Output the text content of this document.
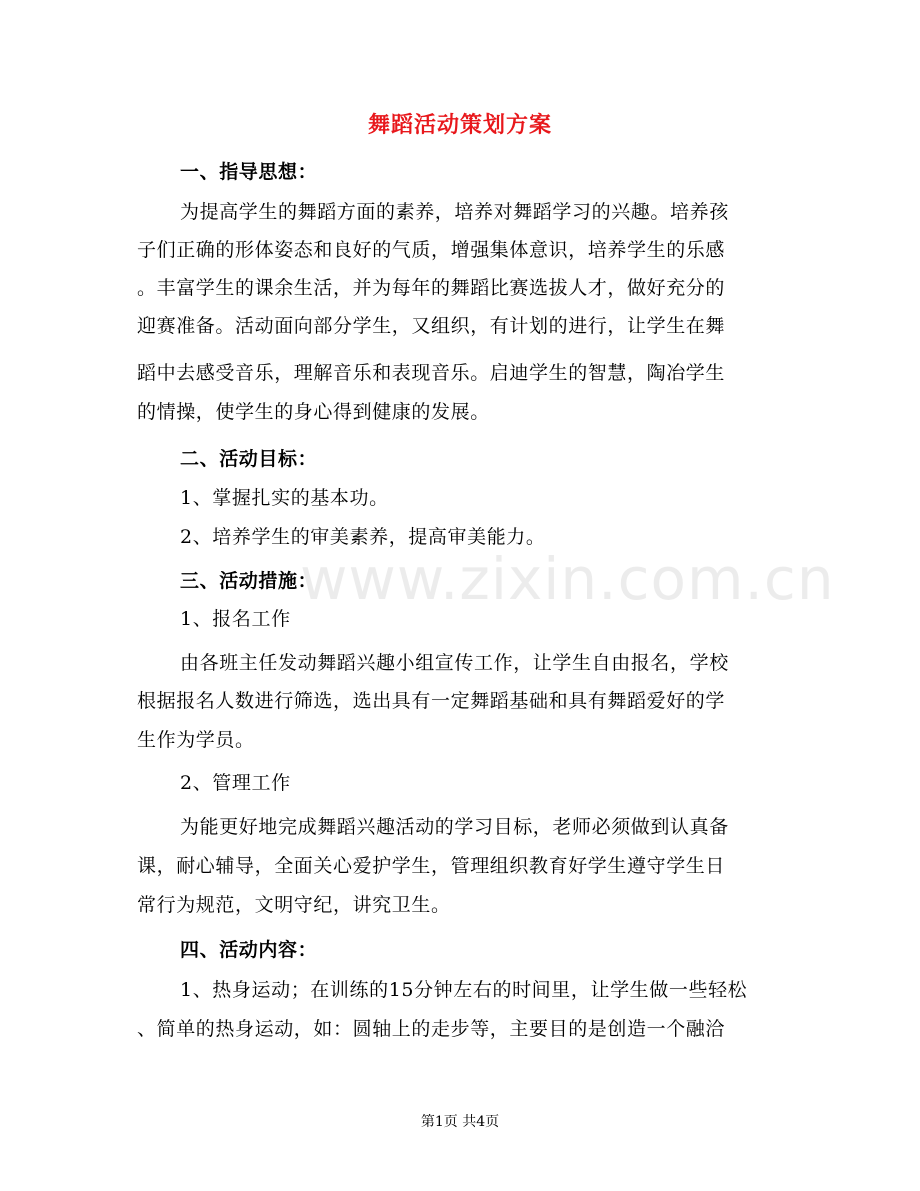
www.zixin.com.cn
舞蹈活动策划方案
一、指导思想：
为提高学生的舞蹈方面的素养，培养对舞蹈学习的兴趣。培养孩
子们正确的形体姿态和良好的气质，增强集体意识，培养学生的乐感
。丰富学生的课余生活，并为每年的舞蹈比赛选拔人才，做好充分的
迎赛准备。活动面向部分学生，又组织，有计划的进行，让学生在舞
蹈中去感受音乐，理解音乐和表现音乐。启迪学生的智慧，陶冶学生
的情操，使学生的身心得到健康的发展。
二、活动目标：
1、掌握扎实的基本功。
2、培养学生的审美素养，提高审美能力。
三、活动措施：
1、报名工作
由各班主任发动舞蹈兴趣小组宣传工作，让学生自由报名，学校
根据报名人数进行筛选，选出具有一定舞蹈基础和具有舞蹈爱好的学
生作为学员。
2、管理工作
为能更好地完成舞蹈兴趣活动的学习目标，老师必须做到认真备
课，耐心辅导，全面关心爱护学生，管理组织教育好学生遵守学生日
常行为规范，文明守纪，讲究卫生。
四、活动内容：
1、热身运动；在训练的15分钟左右的时间里，让学生做一些轻松
、简单的热身运动，如：圆轴上的走步等，主要目的是创造一个融洽
第1页 共4页
